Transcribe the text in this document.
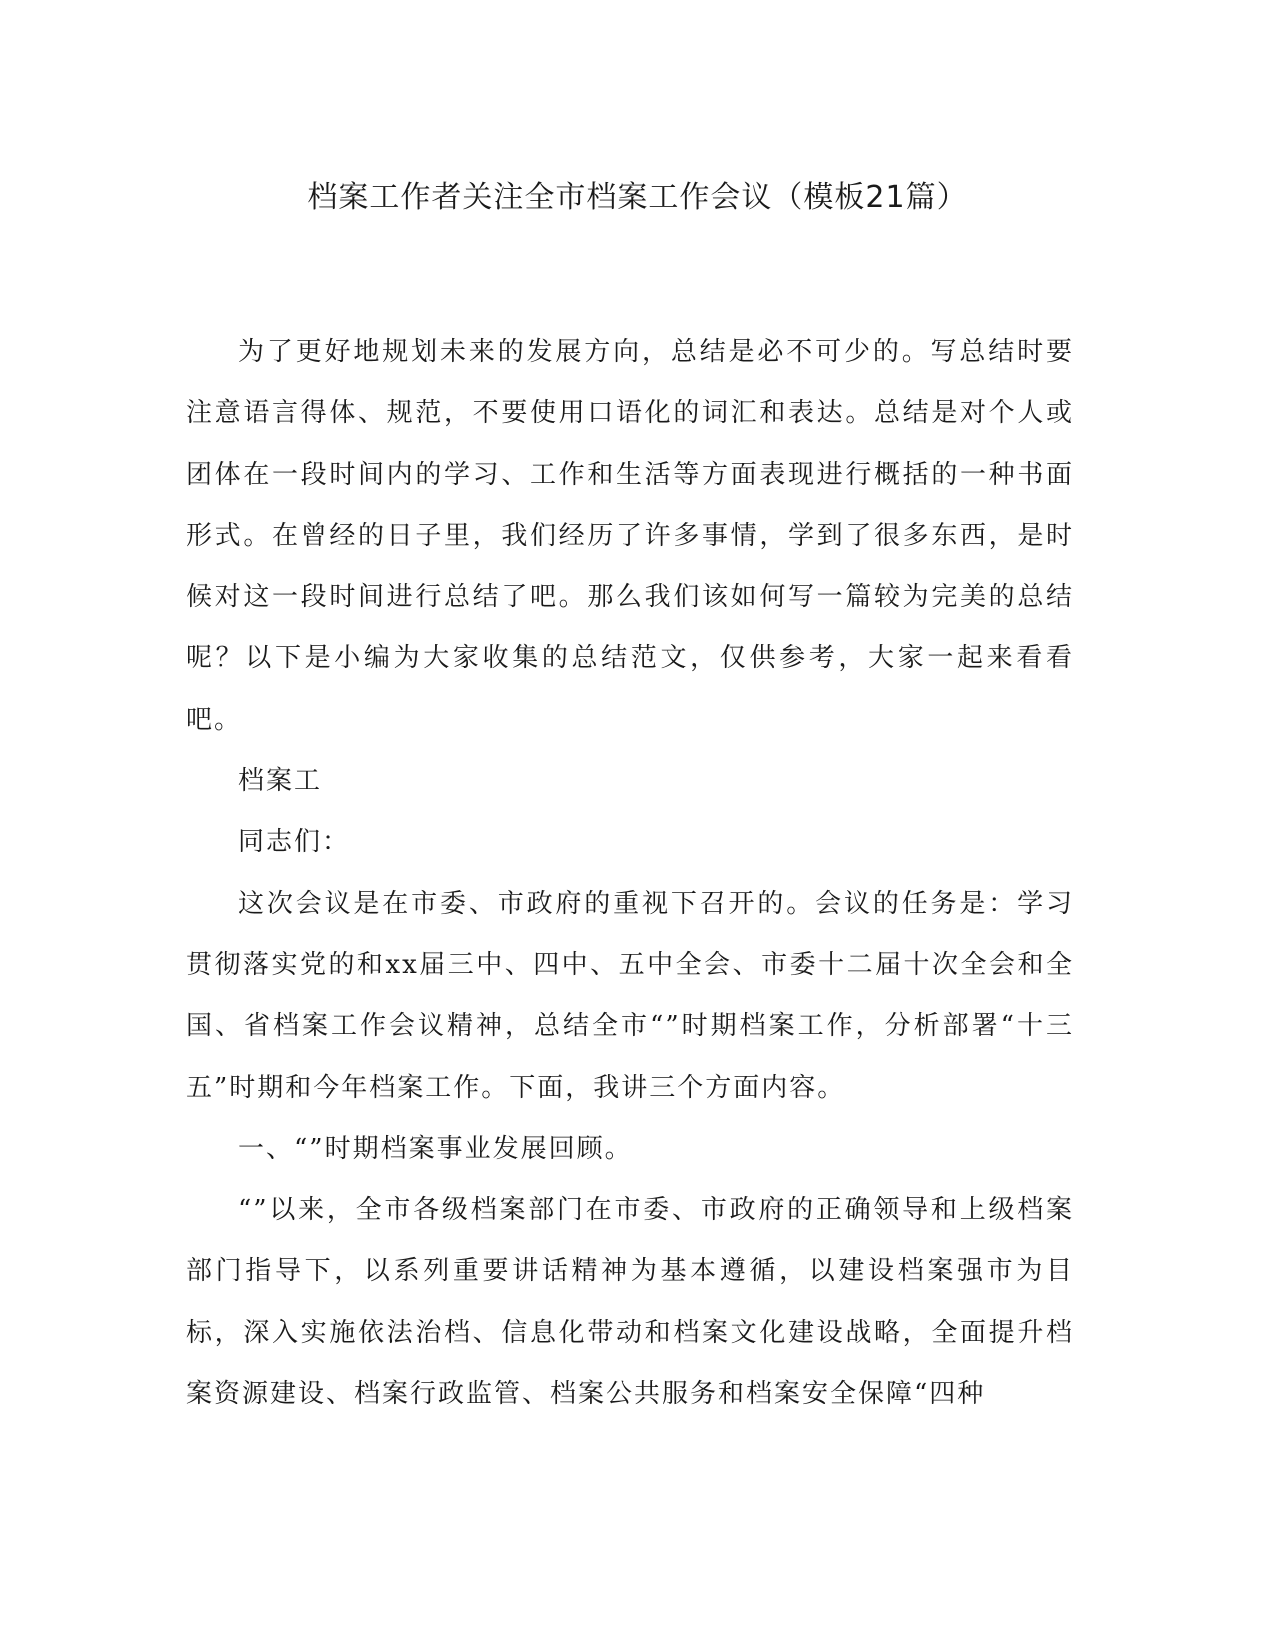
档案工作者关注全市档案工作会议（模板21篇）

为了更好地规划未来的发展方向，总结是必不可少的。写总结时要注意语言得体、规范，不要使用口语化的词汇和表达。总结是对个人或团体在一段时间内的学习、工作和生活等方面表现进行概括的一种书面形式。在曾经的日子里，我们经历了许多事情，学到了很多东西，是时候对这一段时间进行总结了吧。那么我们该如何写一篇较为完美的总结呢？以下是小编为大家收集的总结范文，仅供参考，大家一起来看看吧。

档案工

同志们：

这次会议是在市委、市政府的重视下召开的。会议的任务是：学习贯彻落实党的和xx届三中、四中、五中全会、市委十二届十次全会和全国、省档案工作会议精神，总结全市“”时期档案工作，分析部署“十三五”时期和今年档案工作。下面，我讲三个方面内容。

一、“”时期档案事业发展回顾。

“”以来，全市各级档案部门在市委、市政府的正确领导和上级档案部门指导下，以系列重要讲话精神为基本遵循，以建设档案强市为目标，深入实施依法治档、信息化带动和档案文化建设战略，全面提升档案资源建设、档案行政监管、档案公共服务和档案安全保障“四种
